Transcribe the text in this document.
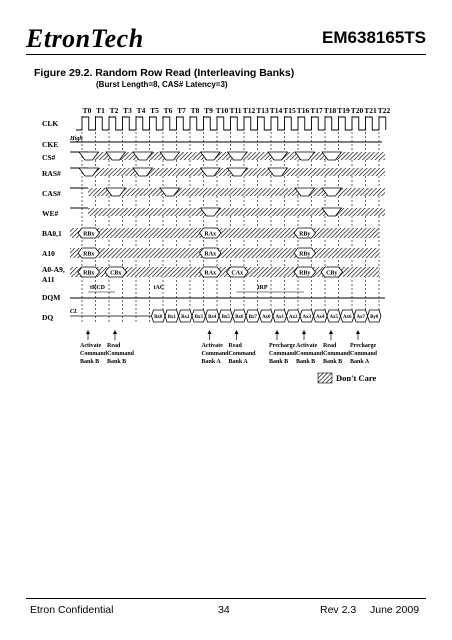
EtronTech	EM638165TS
Figure 29.2. Random Row Read (Interleaving Banks)
(Burst Length=8, CAS# Latency=3)
T0 T1 T2 T3 T4 T5 T6 T7 T8 T9 T10 T11 T12 T13 T14 T15 T16 T17 T18 T19 T20 T21 T22
CLK
CKE
High
CS#
RAS#
CAS#
WE#
BA0,1	RBx	RAx	RBy
A10	RBx	RAx	RBy
A0-A9,
A11
RBx	CBx	RAx	CAx	RBy	CBy
tRCD	tAC	tRP
DQM
DQ
CL
Bx0 Bx1 Bx2 Bx3 Bx4 Bx5 Bx6 Bx7 Ax0 Ax1 Ax2 Ax3 Ax4 Ax5 Ax6 Ax7 By0
Activate
Command
Bank B
Read
Command
Bank B
Activate
Command
Bank A
Read
Command
Bank A
Precharge
Command
Bank B
Activate
Command
Bank B
Read
Command
Bank B
Precharge
Command
Bank A
Don't Care
Etron Confidential	34	Rev 2.3 June 2009
